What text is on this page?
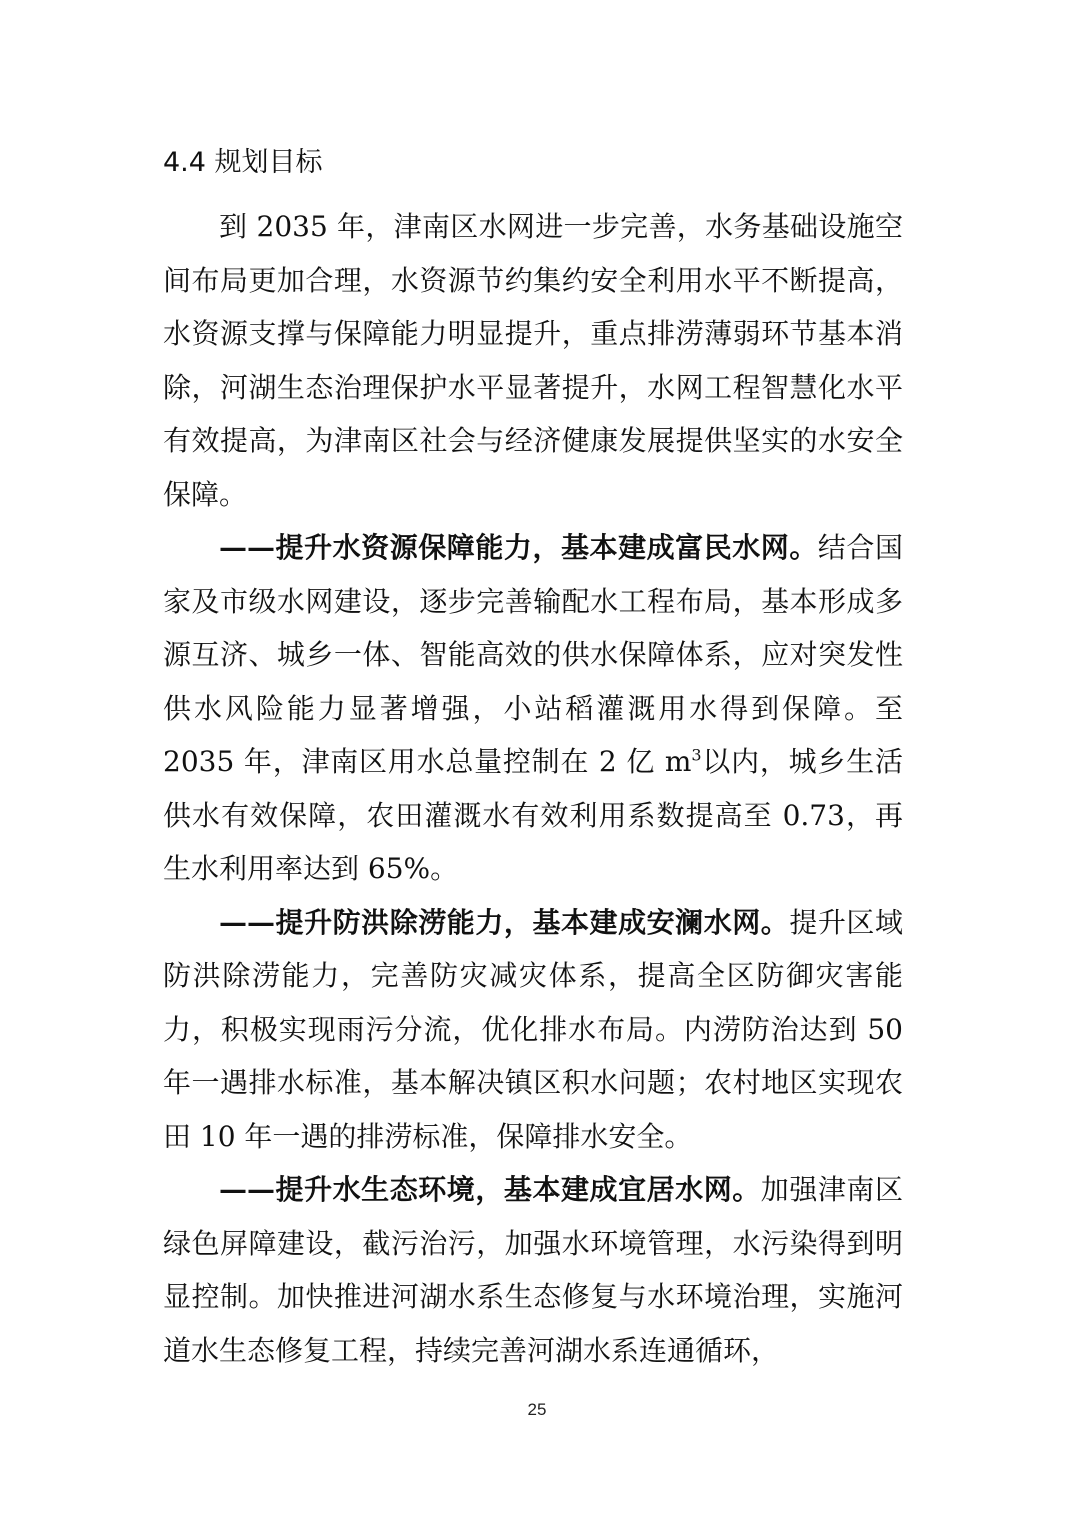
4.4 规划目标

到 2035 年，津南区水网进一步完善，水务基础设施空间布局更加合理，水资源节约集约安全利用水平不断提高，水资源支撑与保障能力明显提升，重点排涝薄弱环节基本消除，河湖生态治理保护水平显著提升，水网工程智慧化水平有效提高，为津南区社会与经济健康发展提供坚实的水安全保障。

——提升水资源保障能力，基本建成富民水网。结合国家及市级水网建设，逐步完善输配水工程布局，基本形成多源互济、城乡一体、智能高效的供水保障体系，应对突发性供水风险能力显著增强，小站稻灌溉用水得到保障。至 2035 年，津南区用水总量控制在 2 亿 $m^3$以内，城乡生活供水有效保障，农田灌溉水有效利用系数提高至 0.73，再生水利用率达到 65%。

——提升防洪除涝能力，基本建成安澜水网。提升区域防洪除涝能力，完善防灾减灾体系，提高全区防御灾害能力，积极实现雨污分流，优化排水布局。内涝防治达到 50 年一遇排水标准，基本解决镇区积水问题；农村地区实现农田 10 年一遇的排涝标准，保障排水安全。

——提升水生态环境，基本建成宜居水网。加强津南区绿色屏障建设，截污治污，加强水环境管理，水污染得到明显控制。加快推进河湖水系生态修复与水环境治理，实施河道水生态修复工程，持续完善河湖水系连通循环，

25
